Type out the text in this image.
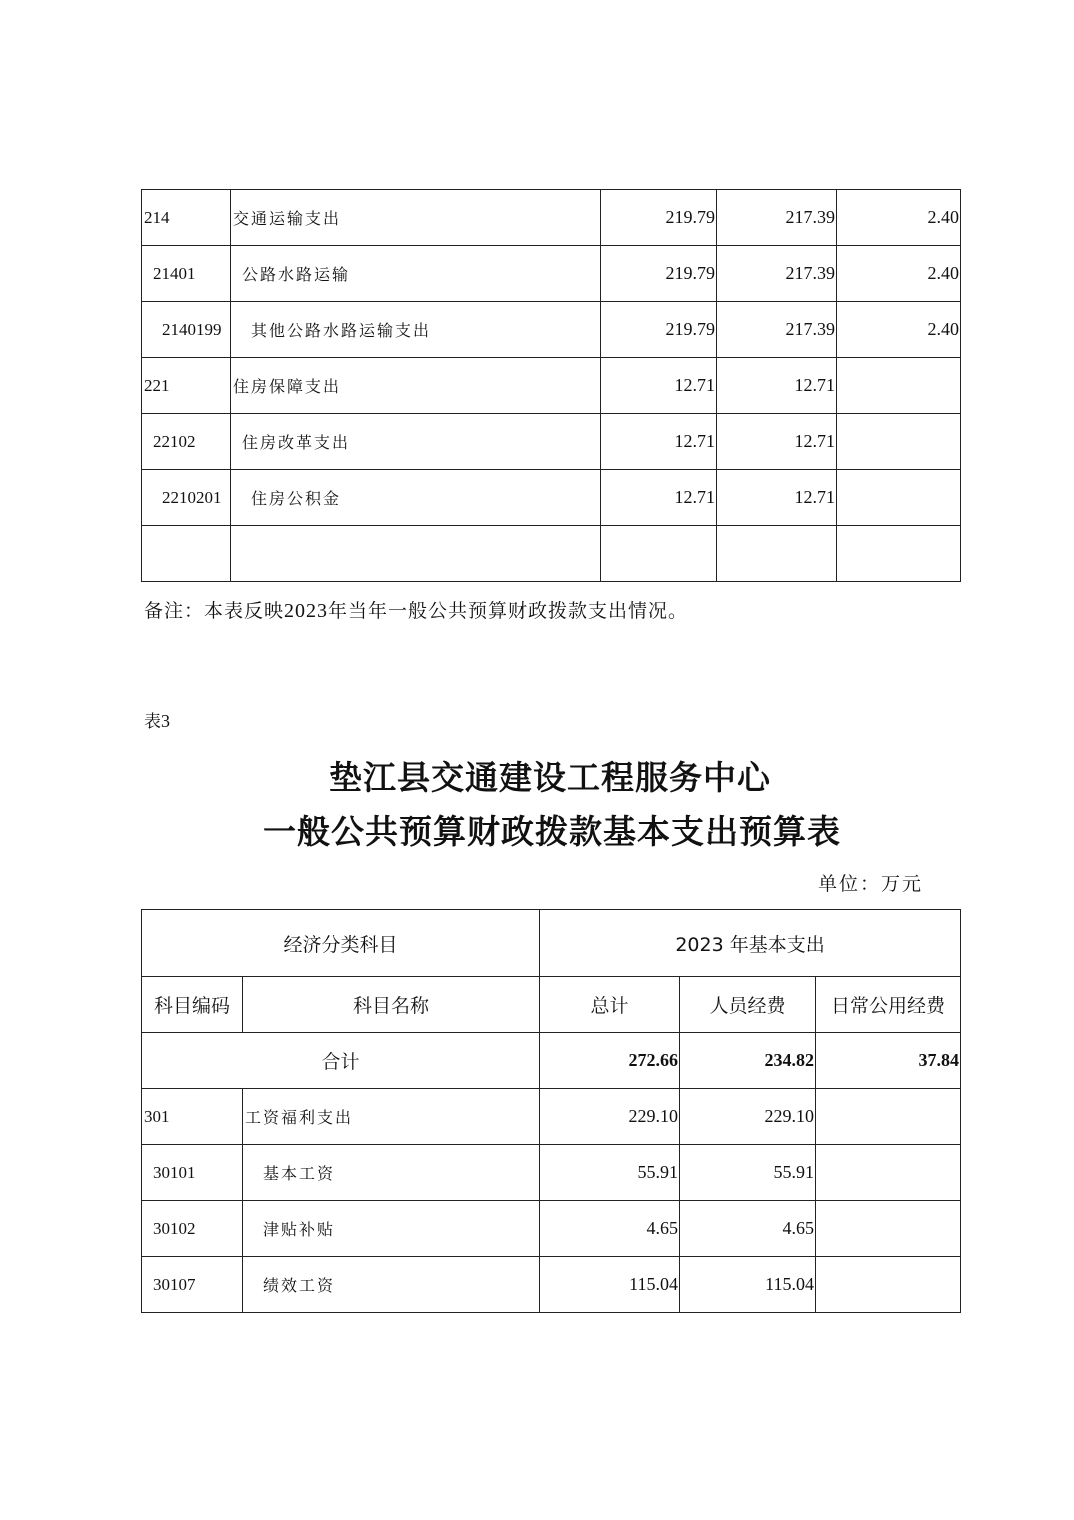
214	交通运输支出	219.79	217.39	2.40
21401	公路水路运输	219.79	217.39	2.40
2140199	其他公路水路运输支出	219.79	217.39	2.40
221	住房保障支出	12.71	12.71	
22102	住房改革支出	12.71	12.71	
2210201	住房公积金	12.71	12.71	

备注：本表反映2023年当年一般公共预算财政拨款支出情况。
表3
垫江县交通建设工程服务中心
一般公共预算财政拨款基本支出预算表
单位：万元
经济分类科目		2023 年基本支出		
科目编码	科目名称	总计	人员经费	日常公用经费
合计		272.66	234.82	37.84
301	工资福利支出	229.10	229.10	
30101	基本工资	55.91	55.91	
30102	津贴补贴	4.65	4.65	
30107	绩效工资	115.04	115.04	
